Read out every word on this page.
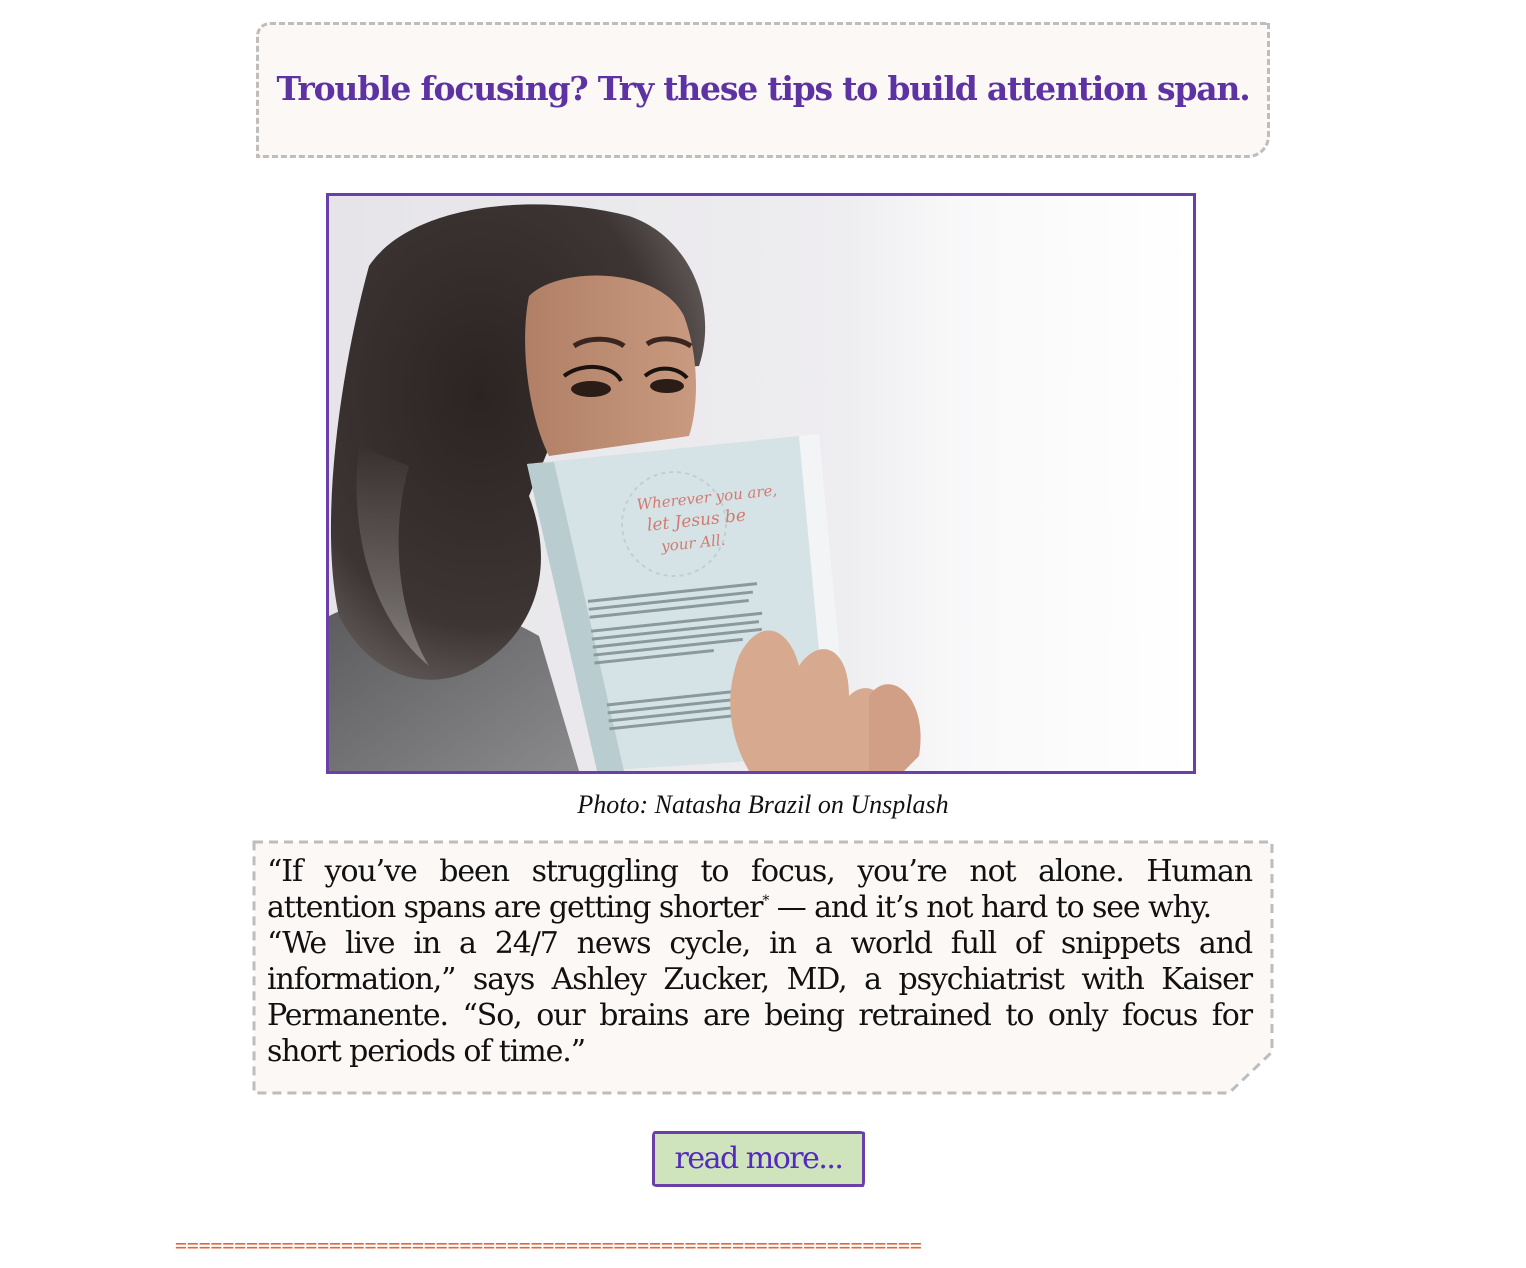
Trouble focusing? Try these tips to build attention span.
Wherever you are,
let Jesus be
your All.
Photo: Natasha Brazil on Unsplash

“If you’ve been struggling to focus, you’re not alone. Human attention spans are getting shorter* — and it’s not hard to see why.

“We live in a 24/7 news cycle, in a world full of snippets and information,” says Ashley Zucker, MD, a psychiatrist with Kaiser Permanente. “So, our brains are being retrained to only focus for short periods of time.”

read more...
===============================================================
